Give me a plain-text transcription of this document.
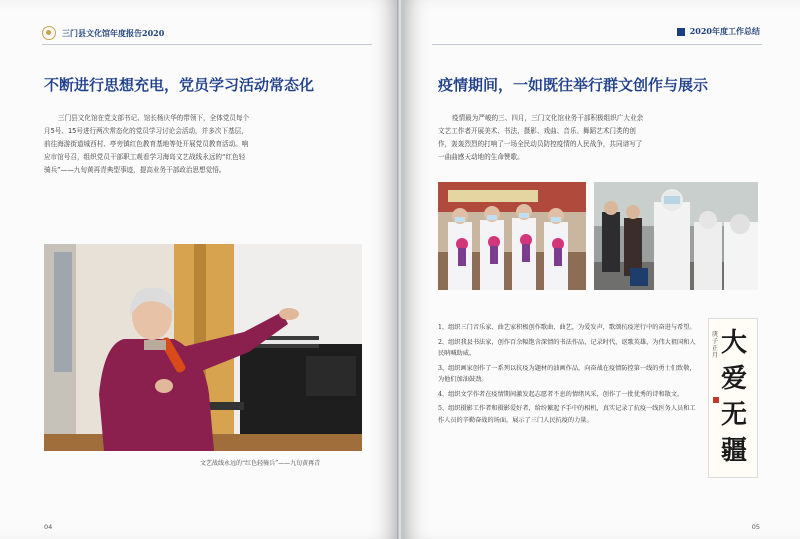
三门县文化馆年度报告2020
不断进行思想充电，党员学习活动常态化
三门县文化馆在党支部书记、馆长杨庆华的带领下，全体党员每个
月5号、15号进行两次常态化的党员学习讨论会活动，并多次下基层，
前往海游街道城西村、亭旁镇红色教育基地等处开展党员教育活动。响
应市馆号召，组织党员干部职工观看学习海岛文艺战线永远的“红色轻
骑兵”——九旬黄再青典型事迹，提高业务干部政治思想觉悟。
文艺战线永远的“红色轻骑兵”——九旬黄再青
04
2020年度工作总结
疫情期间，一如既往举行群文创作与展示
疫情最为严峻的三、四月，三门文化馆业务干部积极组织广大业余
文艺工作者开展美术、书法、摄影、戏曲、音乐、舞蹈艺术门类的创
作，轰轰烈烈的打响了一场全民动员防控疫情的人民战争，共同谱写了
一曲曲感天动地的生命赞歌。

1、组织三门音乐家、曲艺家积极创作歌曲、曲艺，为爱发声，歌颂抗疫逆行中的奋进与希望。

2、组织我县书法家，创作百余幅饱含深情的书法作品，记录时代，讴歌英雄，为伟大祖国和人民呐喊助威。

3、组织画家创作了一系列以抗疫为题材的油画作品，向奋战在疫情防控第一线的勇士们致敬，为他们加油鼓劲。

4、组织文学作者在疫情期间激发起志愿者不息的情绪风采，创作了一批优秀的诗和散文。

5、组织摄影工作者和摄影爱好者，给纷繁起予手中的相机，真实记录了抗疫一线医务人员和工作人员的辛勤奋战的场面，展示了三门人民抗疫的力量。

大爱无疆
庚子正月
05
